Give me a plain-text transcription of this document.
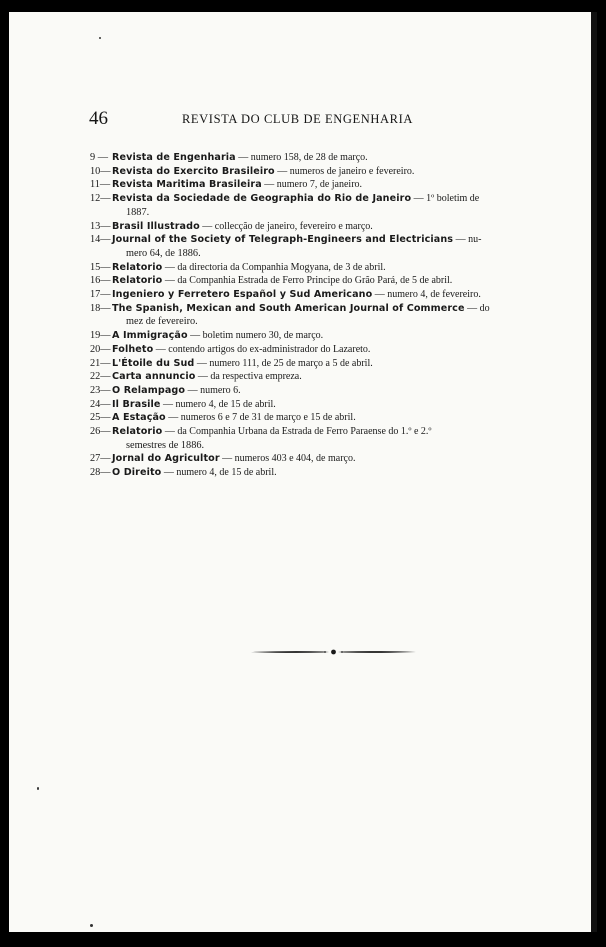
46	REVISTA DO CLUB DE ENGENHARIA
9 — Revista de Engenharia — numero 158, de 28 de março.
10—Revista do Exercito Brasileiro — numeros de janeiro e fevereiro.
11— Revista Maritima Brasileira — numero 7, de janeiro.
12—Revista da Sociedade de Geographia do Rio de Janeiro — 1º boletim de
1887.
13—Brasil Illustrado — collecção de janeiro, fevereiro e março.
14—Journal of the Society of Telegraph-Engineers and Electricians — nu-
mero 64, de 1886.
15—Relatorio — da directoria da Companhia Mogyana, de 3 de abril.
16—Relatorio — da Companhia Estrada de Ferro Principe do Grão Pará, de 5 de abril.
17—Ingeniero y Ferretero Español y Sud Americano — numero 4, de fevereiro.
18—The Spanish, Mexican and South American Journal of Commerce — do
mez de fevereiro.
19—A Immigração — boletim numero 30, de março.
20—Folheto — contendo artigos do ex-administrador do Lazareto.
21—L'Étoile du Sud — numero 111, de 25 de março a 5 de abril.
22—Carta annuncio — da respectiva empreza.
23—O Relampago — numero 6.
24—Il Brasile — numero 4, de 15 de abril.
25—A Estação — numeros 6 e 7 de 31 de março e 15 de abril.
26—Relatorio — da Companhia Urbana da Estrada de Ferro Paraense do 1.º e 2.º
semestres de 1886.
27—Jornal do Agricultor — numeros 403 e 404, de março.
28—O Direito — numero 4, de 15 de abril.
